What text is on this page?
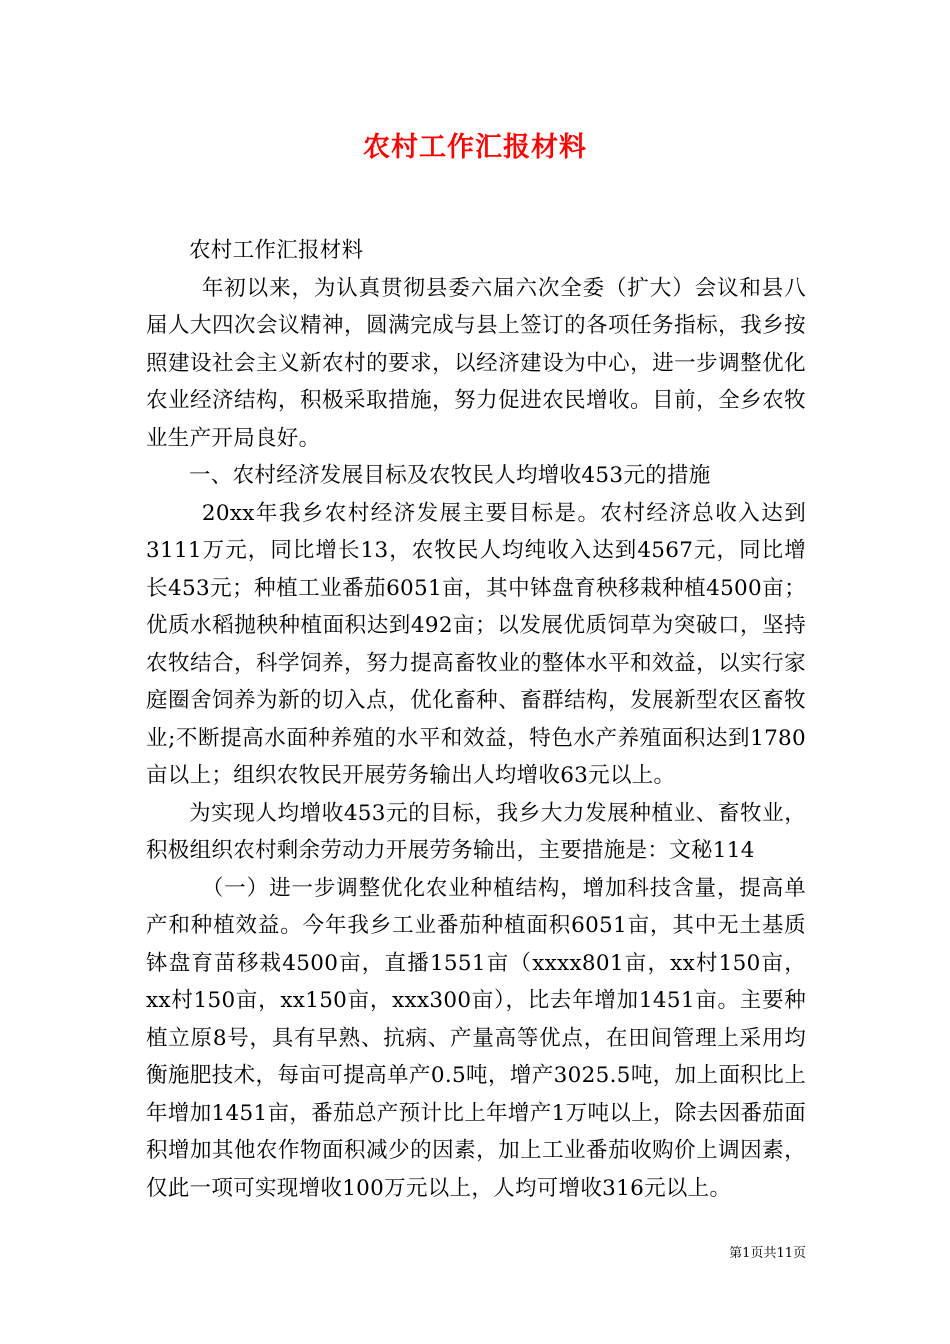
农村工作汇报材料

农村工作汇报材料

年初以来，为认真贯彻县委六届六次全委（扩大）会议和县八届人大四次会议精神，圆满完成与县上签订的各项任务指标，我乡按照建设社会主义新农村的要求，以经济建设为中心，进一步调整优化农业经济结构，积极采取措施，努力促进农民增收。目前，全乡农牧业生产开局良好。

一、农村经济发展目标及农牧民人均增收453元的措施

20xx年我乡农村经济发展主要目标是。农村经济总收入达到3111万元，同比增长13，农牧民人均纯收入达到4567元，同比增长453元；种植工业番茄6051亩，其中钵盘育秧移栽种植4500亩；优质水稻抛秧种植面积达到492亩；以发展优质饲草为突破口，坚持农牧结合，科学饲养，努力提高畜牧业的整体水平和效益，以实行家庭圈舍饲养为新的切入点，优化畜种、畜群结构，发展新型农区畜牧业;不断提高水面种养殖的水平和效益，特色水产养殖面积达到1780亩以上；组织农牧民开展劳务输出人均增收63元以上。

为实现人均增收453元的目标，我乡大力发展种植业、畜牧业，积极组织农村剩余劳动力开展劳务输出，主要措施是：文秘114

（一）进一步调整优化农业种植结构，增加科技含量，提高单产和种植效益。今年我乡工业番茄种植面积6051亩，其中无土基质钵盘育苗移栽4500亩，直播1551亩（xxxx801亩，xx村150亩，xx村150亩，xx150亩，xxx300亩），比去年增加1451亩。主要种植立原8号，具有早熟、抗病、产量高等优点，在田间管理上采用均衡施肥技术，每亩可提高单产0.5吨，增产3025.5吨，加上面积比上年增加1451亩，番茄总产预计比上年增产1万吨以上，除去因番茄面积增加其他农作物面积减少的因素，加上工业番茄收购价上调因素，仅此一项可实现增收100万元以上，人均可增收316元以上。

第1页共11页
